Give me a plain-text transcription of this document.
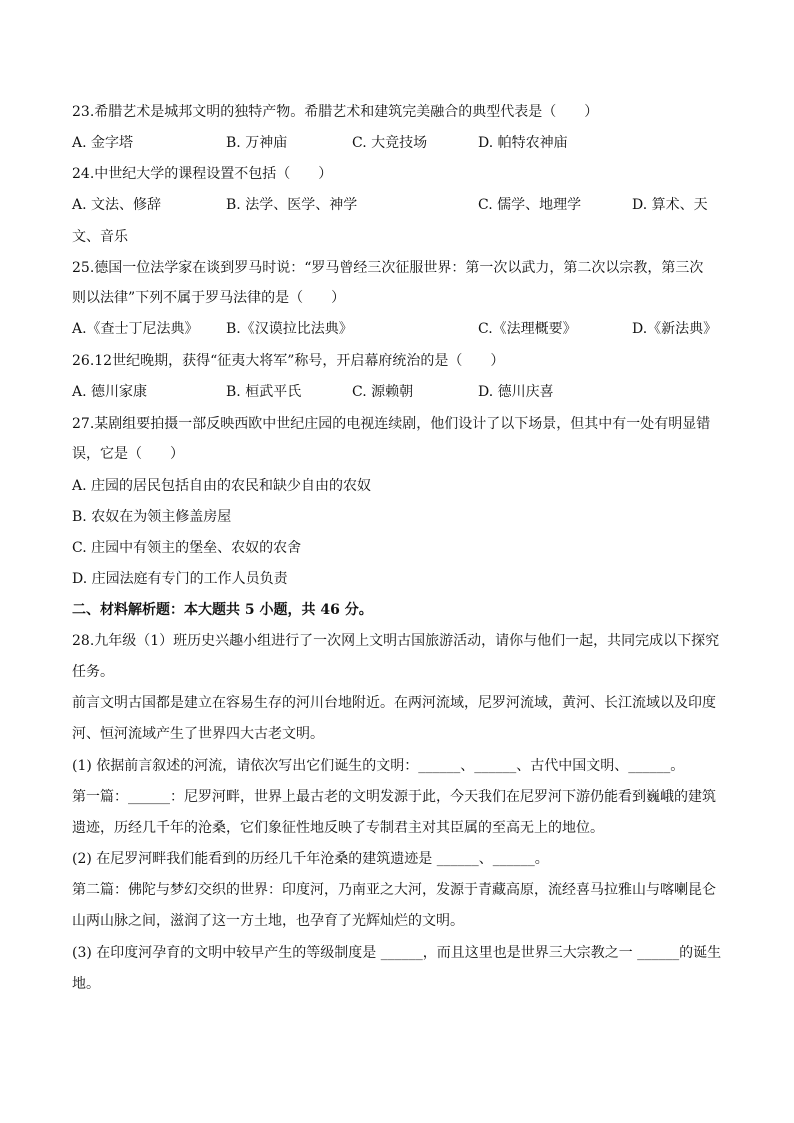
23.希腊艺术是城邦文明的独特产物。希腊艺术和建筑完美融合的典型代表是（　　）
A. 金字塔	B. 万神庙	C. 大竞技场	D. 帕特农神庙
24.中世纪大学的课程设置不包括（　　）
A. 文法、修辞	B. 法学、医学、神学	C. 儒学、地理学	D. 算术、天
文、音乐
25.德国一位法学家在谈到罗马时说：“罗马曾经三次征服世界：第一次以武力，第二次以宗教，第三次
则以法律”下列不属于罗马法律的是（　　）
A.《查士丁尼法典》 B.《汉谟拉比法典》	C.《法理概要》	D.《新法典》
26.12世纪晚期，获得“征夷大将军”称号，开启幕府统治的是（　　）
A. 德川家康	B. 桓武平氏	C. 源赖朝	D. 德川庆喜
27.某剧组要拍摄一部反映西欧中世纪庄园的电视连续剧，他们设计了以下场景，但其中有一处有明显错
误，它是（　　）
A. 庄园的居民包括自由的农民和缺少自由的农奴
B. 农奴在为领主修盖房屋
C. 庄园中有领主的堡垒、农奴的农舍
D. 庄园法庭有专门的工作人员负责
二、材料解析题：本大题共 5 小题，共 46 分。
28.九年级（1）班历史兴趣小组进行了一次网上文明古国旅游活动，请你与他们一起，共同完成以下探究
任务。
前言文明古国都是建立在容易生存的河川台地附近。在两河流域，尼罗河流域，黄河、长江流域以及印度
河、恒河流域产生了世界四大古老文明。
(1) 依据前言叙述的河流，请依次写出它们诞生的文明：______、______、古代中国文明、______。
第一篇：______：尼罗河畔，世界上最古老的文明发源于此，今天我们在尼罗河下游仍能看到巍峨的建筑
遗迹，历经几千年的沧桑，它们象征性地反映了专制君主对其臣属的至高无上的地位。
(2) 在尼罗河畔我们能看到的历经几千年沧桑的建筑遗迹是 ______、______。
第二篇：佛陀与梦幻交织的世界：印度河，乃南亚之大河，发源于青藏高原，流经喜马拉雅山与喀喇昆仑
山两山脉之间，滋润了这一方土地，也孕育了光辉灿烂的文明。
(3) 在印度河孕育的文明中较早产生的等级制度是 ______，而且这里也是世界三大宗教之一 ______的诞生
地。
